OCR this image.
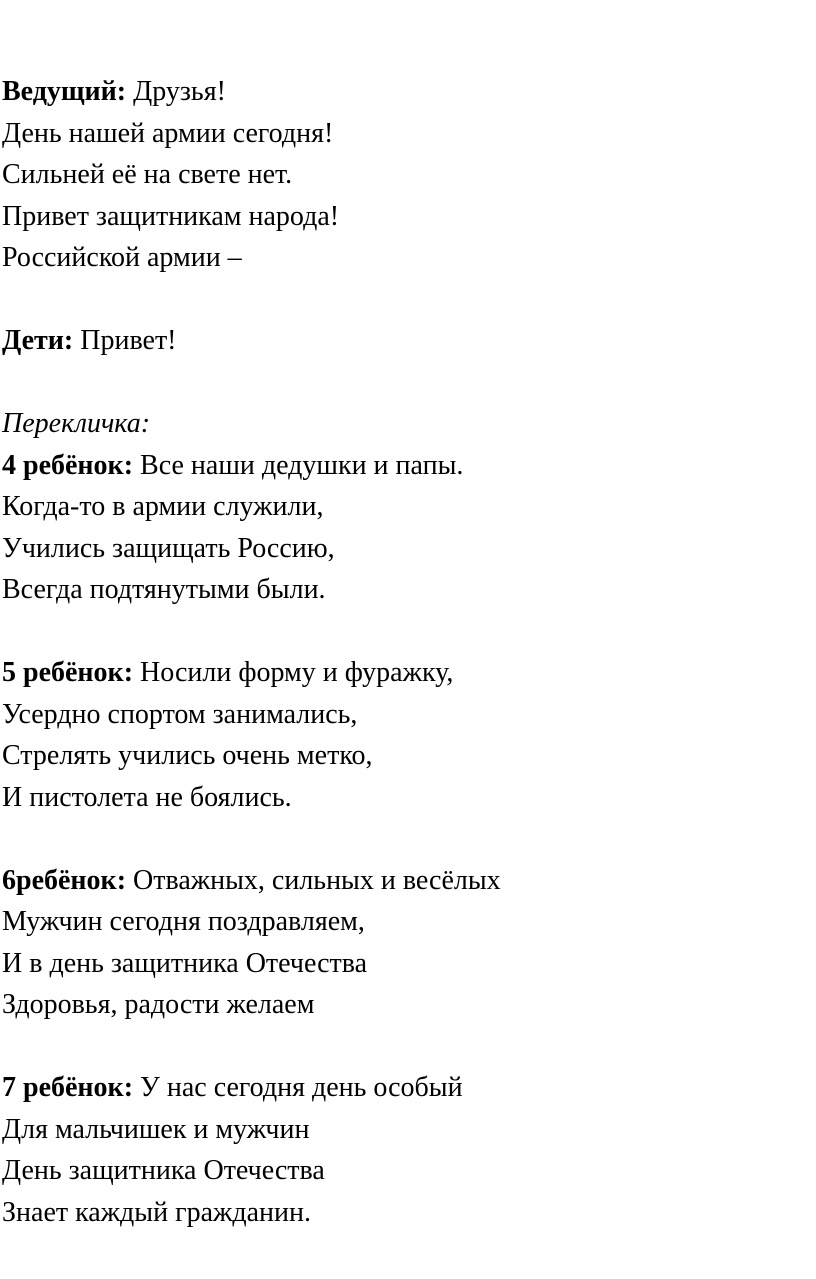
Ведущий: Друзья!
День нашей армии сегодня!
Сильней её на свете нет.
Привет защитникам народа!
Российской армии –
Дети: Привет!
Перекличка:
4 ребёнок: Все наши дедушки и папы.
Когда-то в армии служили,
Учились защищать Россию,
Всегда подтянутыми были.
5 ребёнок: Носили форму и фуражку,
Усердно спортом занимались,
Стрелять учились очень метко,
И пистолета не боялись.
6ребёнок: Отважных, сильных и весёлых
Мужчин сегодня поздравляем,
И в день защитника Отечества
Здоровья, радости желаем
7 ребёнок: У нас сегодня день особый
Для мальчишек и мужчин
День защитника Отечества
Знает каждый гражданин.
